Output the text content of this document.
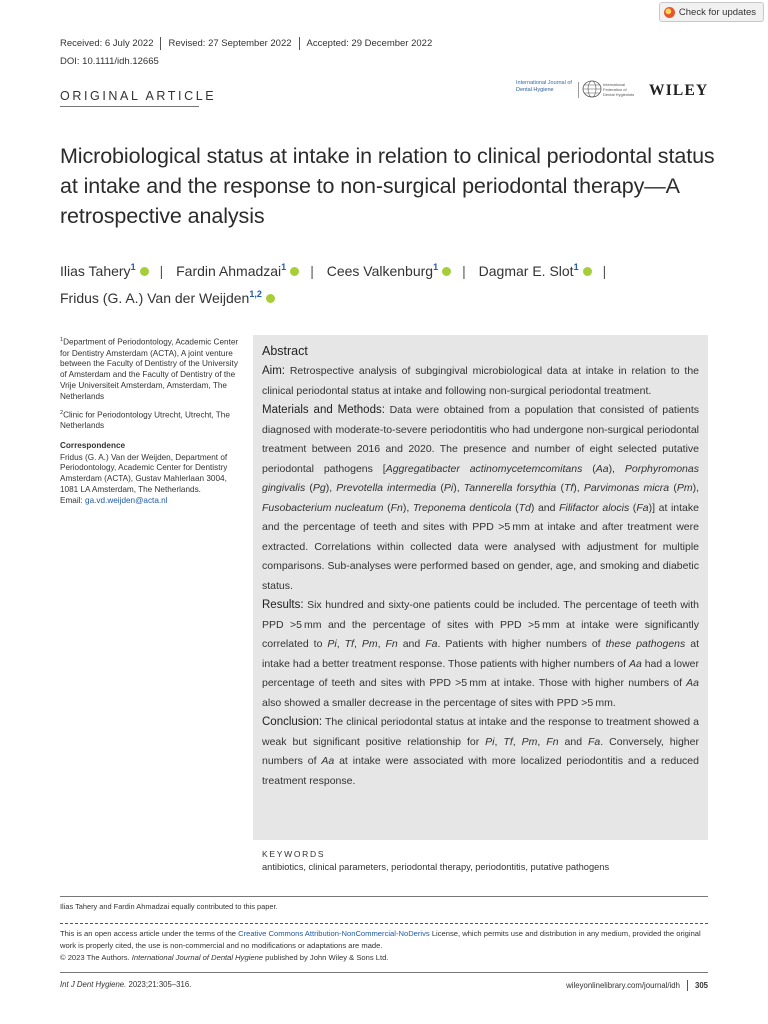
Check for updates
Received: 6 July 2022 Revised: 27 September 2022 Accepted: 29 December 2022
DOI: 10.1111/idh.12665
ORIGINAL ARTICLE
International Journal of
Dental Hygiene
International Federation of Dental Hygienists WILEY
Microbiological status at intake in relation to clinical periodontal status at intake and the response to non-surgical periodontal therapy—A retrospective analysis
Ilias Tahery$^1$ | Fardin Ahmadzai$^1$ | Cees Valkenburg$^1$ | Dagmar E. Slot$^1$ |
Fridus (G. A.) Van der Weijden$^{1,2}$

$^1$Department of Periodontology, Academic Center for Dentistry Amsterdam (ACTA), A joint venture between the Faculty of Dentistry of the University of Amsterdam and the Faculty of Dentistry of the Vrije Universiteit Amsterdam, Amsterdam, The Netherlands

$^2$Clinic for Periodontology Utrecht, Utrecht, The Netherlands

Correspondence

Fridus (G. A.) Van der Weijden, Department of Periodontology, Academic Center for Dentistry Amsterdam (ACTA), Gustav Mahlerlaan 3004, 1081 LA Amsterdam, The Netherlands.
Email: ga.vd.weijden@acta.nl

Abstract

Aim: Retrospective analysis of subgingival microbiological data at intake in relation to the clinical periodontal status at intake and following non-surgical periodontal treatment.

Materials and Methods: Data were obtained from a population that consisted of patients diagnosed with moderate-to-severe periodontitis who had undergone non-surgical periodontal treatment between 2016 and 2020. The presence and number of eight selected putative periodontal pathogens [Aggregatibacter actinomycetemcomitans (Aa), Porphyromonas gingivalis (Pg), Prevotella intermedia (Pi), Tannerella forsythia (Tf), Parvimonas micra (Pm), Fusobacterium nucleatum (Fn), Treponema denticola (Td) and Filifactor alocis (Fa)] at intake and the percentage of teeth and sites with PPD >5 mm at intake and after treatment were extracted. Correlations within collected data were analysed with adjustment for multiple comparisons. Sub-analyses were performed based on gender, age, and smoking and diabetic status.

Results: Six hundred and sixty-one patients could be included. The percentage of teeth with PPD >5 mm and the percentage of sites with PPD >5 mm at intake were significantly correlated to Pi, Tf, Pm, Fn and Fa. Patients with higher numbers of these pathogens at intake had a better treatment response. Those patients with higher numbers of Aa had a lower percentage of teeth and sites with PPD >5 mm at intake. Those with higher numbers of Aa also showed a smaller decrease in the percentage of sites with PPD >5 mm.

Conclusion: The clinical periodontal status at intake and the response to treatment showed a weak but significant positive relationship for Pi, Tf, Pm, Fn and Fa. Conversely, higher numbers of Aa at intake were associated with more localized periodontitis and a reduced treatment response.

KEYWORDS
antibiotics, clinical parameters, periodontal therapy, periodontitis, putative pathogens
Ilias Tahery and Fardin Ahmadzai equally contributed to this paper.

This is an open access article under the terms of the Creative Commons Attribution-NonCommercial-NoDerivs License, which permits use and distribution in any medium, provided the original work is properly cited, the use is non-commercial and no modifications or adaptations are made.

© 2023 The Authors. International Journal of Dental Hygiene published by John Wiley & Sons Ltd.

Int J Dent Hygiene. 2023;21:305–316.	wileyonlinelibrary.com/journal/idh 305
